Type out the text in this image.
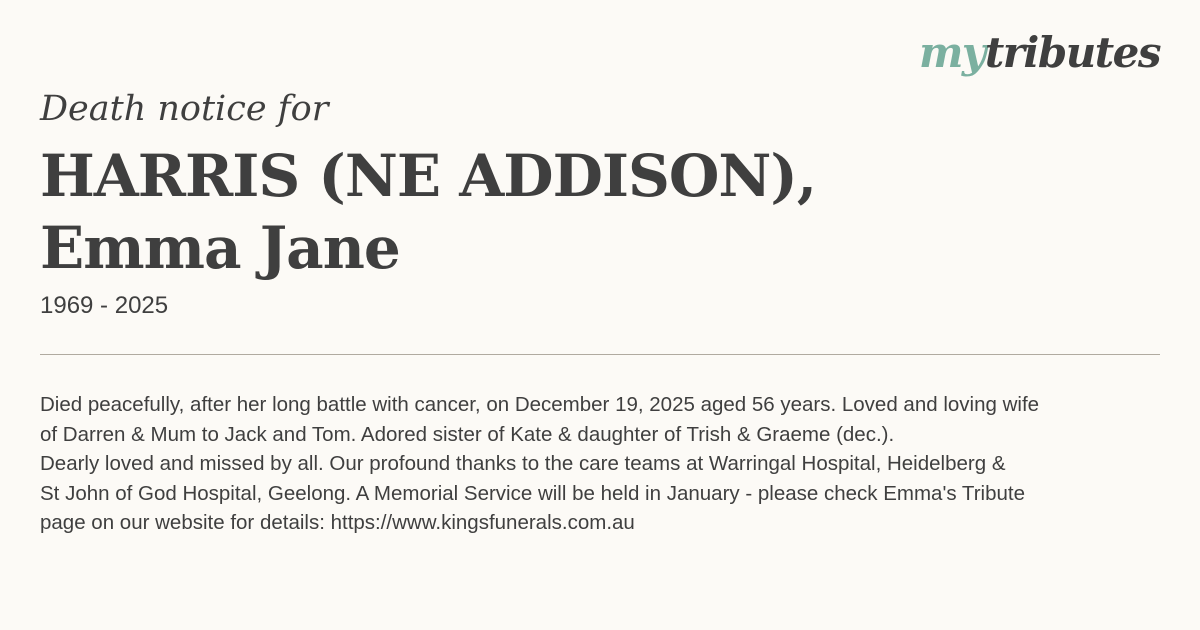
mytributes
Death notice for
HARRIS (NE ADDISON),
Emma Jane
1969 - 2025
Died peacefully, after her long battle with cancer, on December 19, 2025 aged 56 years. Loved and loving wife
of Darren & Mum to Jack and Tom. Adored sister of Kate & daughter of Trish & Graeme (dec.).
Dearly loved and missed by all. Our profound thanks to the care teams at Warringal Hospital, Heidelberg &
St John of God Hospital, Geelong. A Memorial Service will be held in January - please check Emma's Tribute
page on our website for details: https://www.kingsfunerals.com.au
